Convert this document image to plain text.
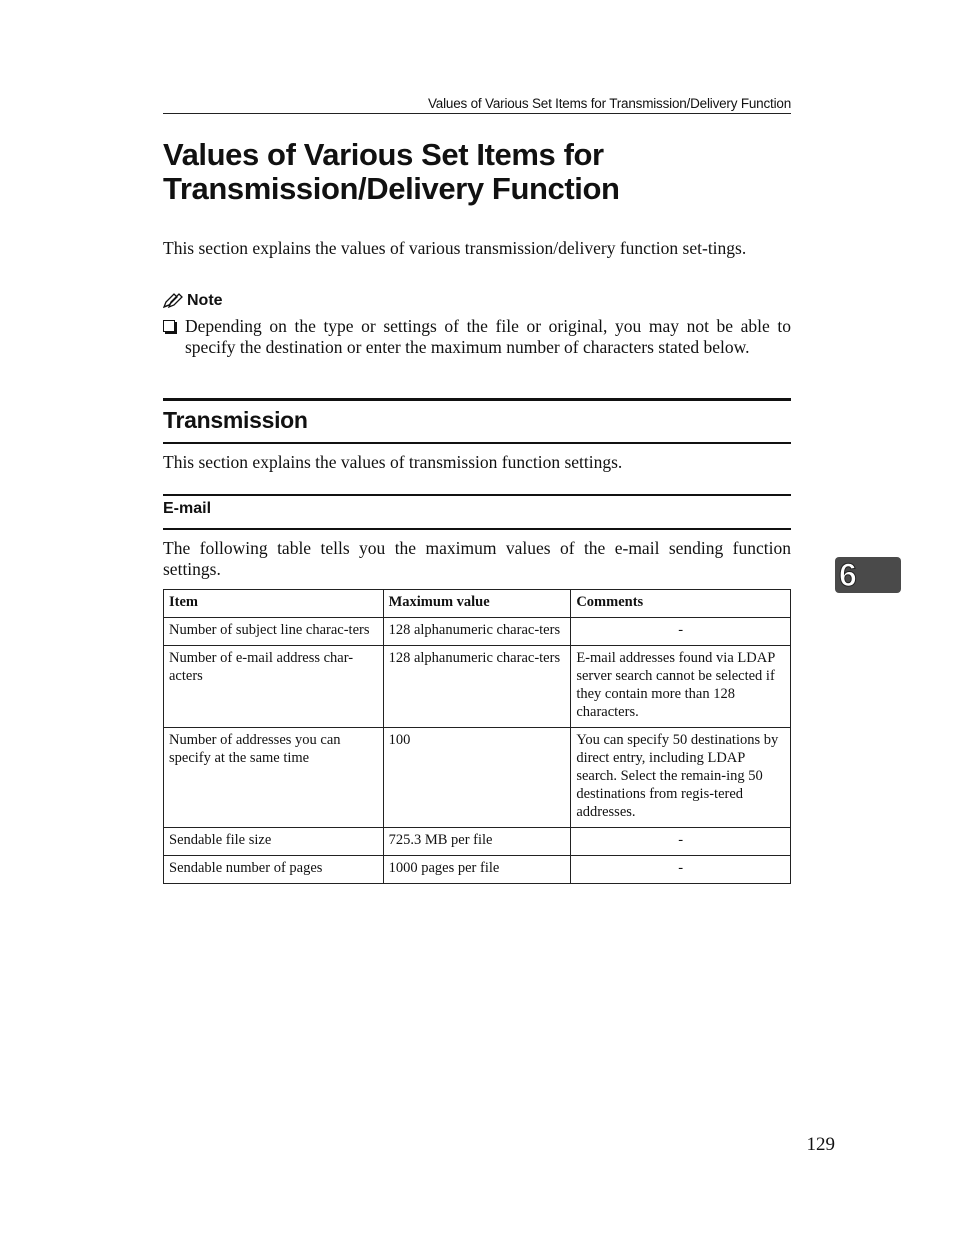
Values of Various Set Items for Transmission/Delivery Function
Values of Various Set Items for
Transmission/Delivery Function

This section explains the values of various transmission/delivery function set-tings.

Note
Depending on the type or settings of the file or original, you may not be able to specify the destination or enter the maximum number of characters stated below.
Transmission

This section explains the values of transmission function settings.

E-mail

The following table tells you the maximum values of the e-mail sending function settings.

Item	Maximum value	Comments
Number of subject line charac-ters	128 alphanumeric charac-ters	-
Number of e-mail address char-acters	128 alphanumeric charac-ters	E-mail addresses found via LDAP server search cannot be selected if they contain more than 128 characters.
Number of addresses you can specify at the same time	100	You can specify 50 destinations by direct entry, including LDAP search. Select the remain-ing 50 destinations from regis-tered addresses.
Sendable file size	725.3 MB per file	-
Sendable number of pages	1000 pages per file	-
6
129
